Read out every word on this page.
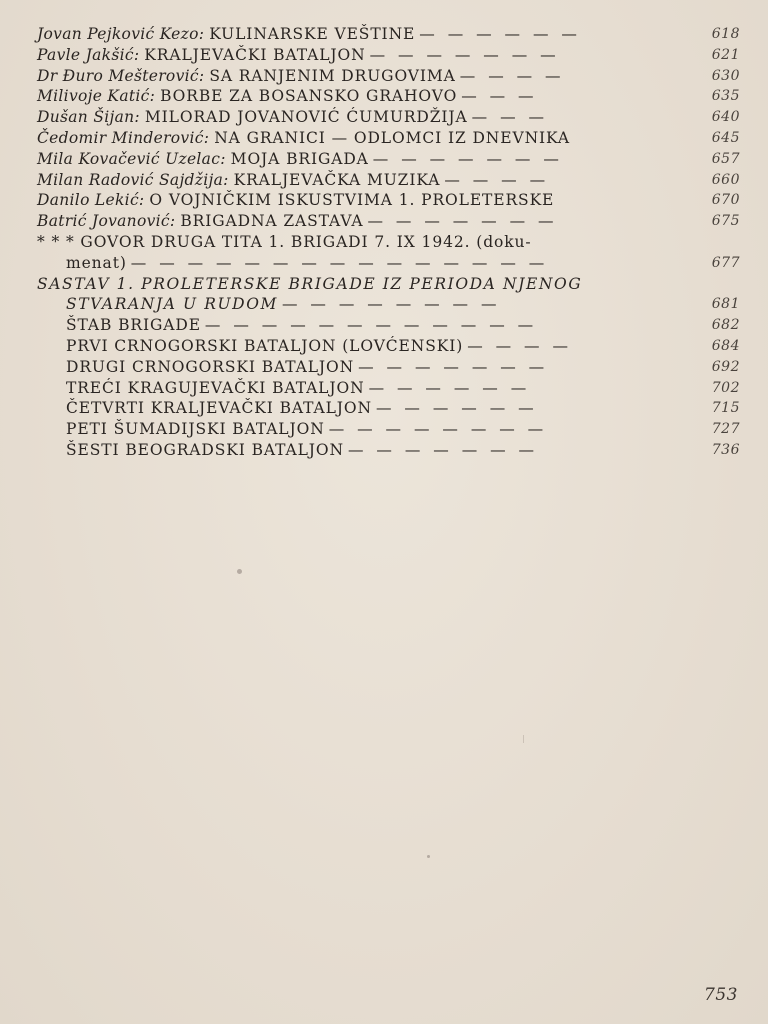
Jovan Pejković Kezo: KULINARSKE VEŠTINE — — — — — —	618
Pavle Jakšić: KRALJEVAČKI BATALJON — — — — — — —	621
Dr Đuro Mešterović: SA RANJENIM DRUGOVIMA — — — —	630
Milivoje Katić: BORBE ZA BOSANSKO GRAHOVO — — —	635
Dušan Šijan: MILORAD JOVANOVIĆ ĆUMURDŽIJA — — —	640
Čedomir Minderović: NA GRANICI — ODLOMCI IZ DNEVNIKA	645
Mila Kovačević Uzelac: MOJA BRIGADA — — — — — — —	657
Milan Radović Sajdžija: KRALJEVAČKA MUZIKA — — — —	660
Danilo Lekić: O VOJNIČKIM ISKUSTVIMA 1. PROLETERSKE	670
Batrić Jovanović: BRIGADNA ZASTAVA — — — — — — —	675
* * * GOVOR DRUGA TITA 1. BRIGADI 7. IX 1942. (doku-
menat) — — — — — — — — — — — — — — —	677
SASTAV 1. PROLETERSKE BRIGADE IZ PERIODA NJENOG
STVARANJA U RUDOM — — — — — — — —	681
ŠTAB BRIGADE — — — — — — — — — — — —	682
PRVI CRNOGORSKI BATALJON (LOVĆENSKI) — — — —	684
DRUGI CRNOGORSKI BATALJON — — — — — — —	692
TREĆI KRAGUJEVAČKI BATALJON — — — — — —	702
ČETVRTI KRALJEVAČKI BATALJON — — — — — —	715
PETI ŠUMADIJSKI BATALJON — — — — — — — —	727
ŠESTI BEOGRADSKI BATALJON — — — — — — —	736
753
